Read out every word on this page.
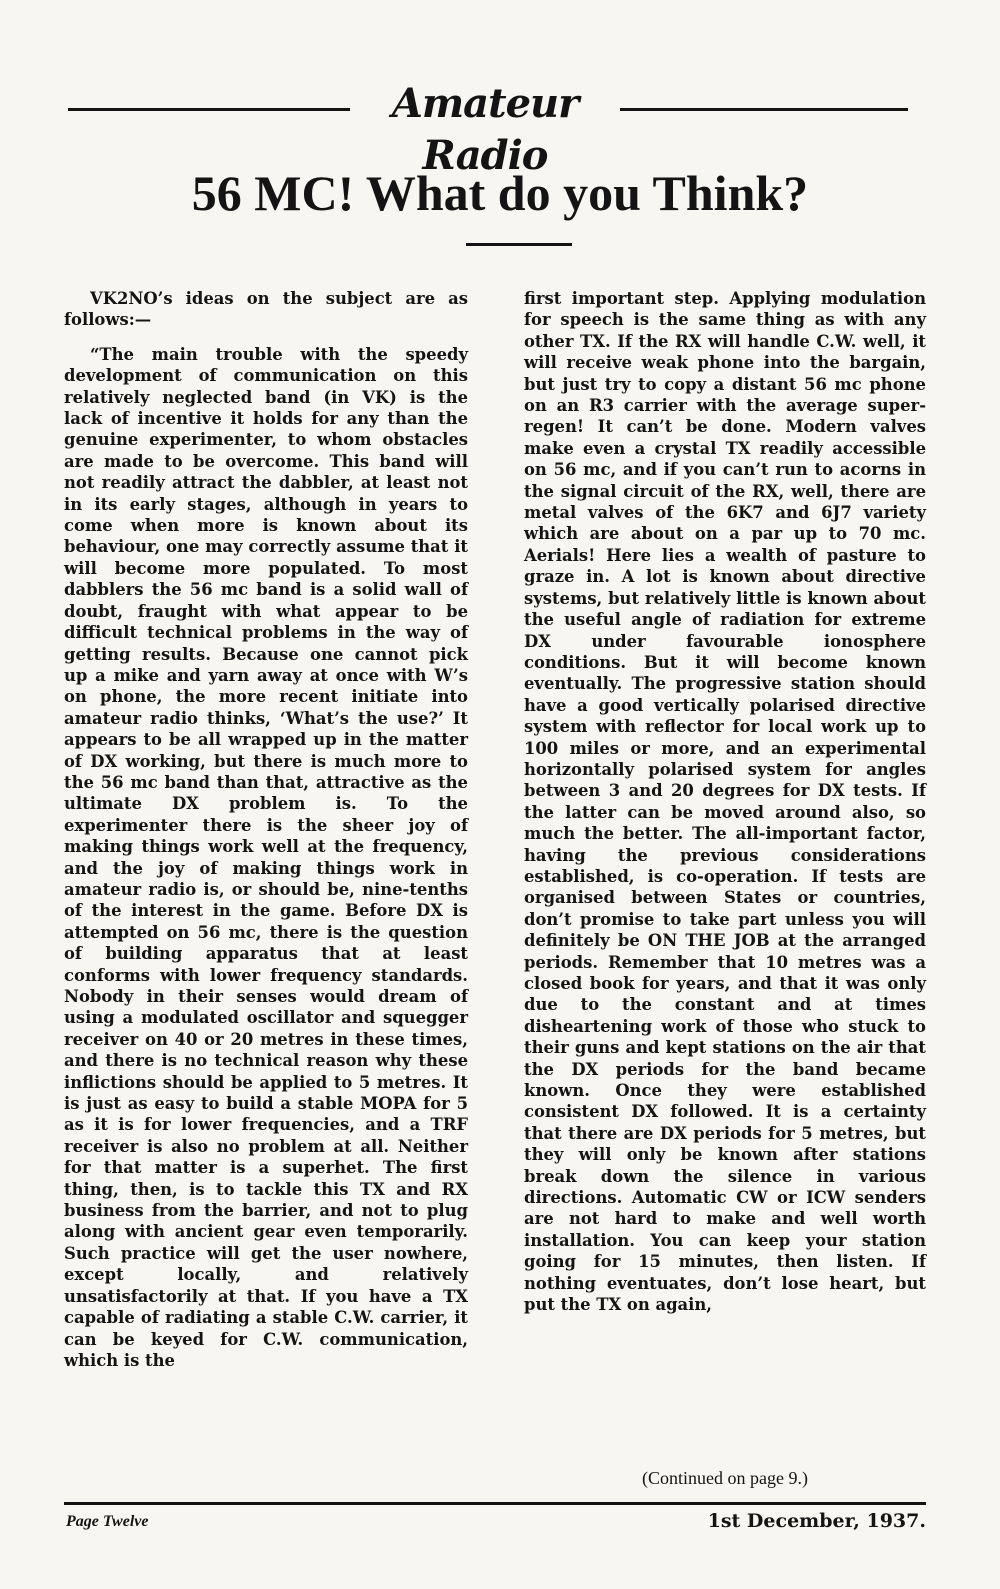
Amateur Radio
56 MC! What do you Think?

VK2NO’s ideas on the subject are as follows:—

“The main trouble with the speedy development of communication on this relatively neglected band (in VK) is the lack of incentive it holds for any than the genuine experimenter, to whom obstacles are made to be overcome. This band will not readily attract the dabbler, at least not in its early stages, although in years to come when more is known about its behaviour, one may correctly assume that it will become more populated. To most dabblers the 56 mc band is a solid wall of doubt, fraught with what appear to be difficult technical problems in the way of getting results. Because one cannot pick up a mike and yarn away at once with W’s on phone, the more recent initiate into amateur radio thinks, ‘What’s the use?’ It appears to be all wrapped up in the matter of DX working, but there is much more to the 56 mc band than that, attractive as the ultimate DX problem is. To the experimenter there is the sheer joy of making things work well at the frequency, and the joy of making things work in amateur radio is, or should be, nine-tenths of the interest in the game. Before DX is attempted on 56 mc, there is the question of building apparatus that at least conforms with lower frequency standards. Nobody in their senses would dream of using a modulated oscillator and squegger receiver on 40 or 20 metres in these times, and there is no technical reason why these inflictions should be applied to 5 metres. It is just as easy to build a stable MOPA for 5 as it is for lower frequencies, and a TRF receiver is also no problem at all. Neither for that matter is a superhet. The first thing, then, is to tackle this TX and RX business from the barrier, and not to plug along with ancient gear even temporarily. Such practice will get the user nowhere, except locally, and relatively unsatisfactorily at that. If you have a TX capable of radiating a stable C.W. carrier, it can be keyed for C.W. communication, which is the

first important step. Applying modulation for speech is the same thing as with any other TX. If the RX will handle C.W. well, it will receive weak phone into the bargain, but just try to copy a distant 56 mc phone on an R3 carrier with the average super-regen! It can’t be done. Modern valves make even a crystal TX readily accessible on 56 mc, and if you can’t run to acorns in the signal circuit of the RX, well, there are metal valves of the 6K7 and 6J7 variety which are about on a par up to 70 mc. Aerials! Here lies a wealth of pasture to graze in. A lot is known about directive systems, but relatively little is known about the useful angle of radiation for extreme DX under favourable ionosphere conditions. But it will become known eventually. The progressive station should have a good vertically polarised directive system with reflector for local work up to 100 miles or more, and an experimental horizontally polarised system for angles between 3 and 20 degrees for DX tests. If the latter can be moved around also, so much the better. The all-important factor, having the previous considerations established, is co-operation. If tests are organised between States or countries, don’t promise to take part unless you will definitely be ON THE JOB at the arranged periods. Remember that 10 metres was a closed book for years, and that it was only due to the constant and at times disheartening work of those who stuck to their guns and kept stations on the air that the DX periods for the band became known. Once they were established consistent DX followed. It is a certainty that there are DX periods for 5 metres, but they will only be known after stations break down the silence in various directions. Automatic CW or ICW senders are not hard to make and well worth installation. You can keep your station going for 15 minutes, then listen. If nothing eventuates, don’t lose heart, but put the TX on again,

(Continued on page 9.)
Page Twelve	1st December, 1937.
